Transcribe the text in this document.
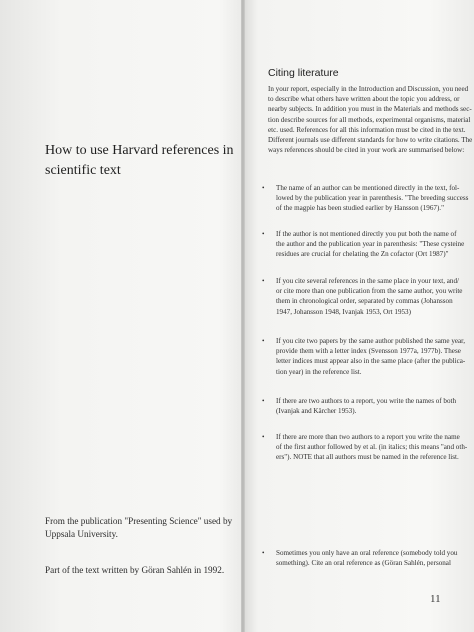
How to use Harvard references in
scientific text
From the publication "Presenting Science" used by
Uppsala University.
Part of the text written by Göran Sahlén in 1992.
Citing literature
In your report, especially in the Introduction and Discussion, you need
to describe what others have written about the topic you address, or
nearby subjects. In addition you must in the Materials and methods sec-
tion describe sources for all methods, experimental organisms, material
etc. used. References for all this information must be cited in the text.
Different journals use different standards for how to write citations. The
ways references should be cited in your work are summarised below:
• The name of an author can be mentioned directly in the text, fol-
lowed by the publication year in parenthesis. "The breeding success
of the magpie has been studied earlier by Hansson (1967)."
• If the author is not mentioned directly you put both the name of
the author and the publication year in parenthesis: "These cysteine
residues are crucial for chelating the Zn cofactor (Ort 1987)"
• If you cite several references in the same place in your text, and/
or cite more than one publication from the same author, you write
them in chronological order, separated by commas (Johansson
1947, Johansson 1948, Ivanjak 1953, Ort 1953)
• If you cite two papers by the same author published the same year,
provide them with a letter index (Svensson 1977a, 1977b). These
letter indices must appear also in the same place (after the publica-
tion year) in the reference list.
• If there are two authors to a report, you write the names of both
(Ivanjak and Kärcher 1953).
• If there are more than two authors to a report you write the name
of the first author followed by et al. (in italics; this means "and oth-
ers"). NOTE that all authors must be named in the reference list.
• Sometimes you only have an oral reference (somebody told you
something). Cite an oral reference as (Göran Sahlén, personal
11
